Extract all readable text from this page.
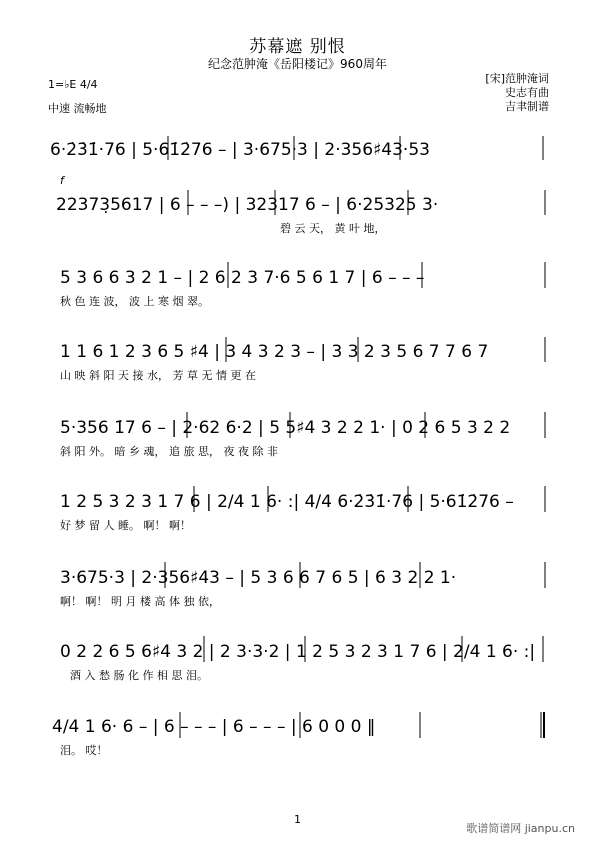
苏幕遮 别恨
纪念范肿淹《岳阳楼记》960周年
1=♭E 4/4
中速 流畅地
[宋]范肿淹词
史志有曲
吉聿制谱
6·2̇3̇1̇·76 | 5·61̇2̇76 – | 3·675·3 | 2·356♯43·53
f
22373̣5617 | 6 – – –) | 32317 6 – | 6·25325 3·
碧 云 天， 黄 叶 地，
5 3 6 6 3 2 1 – | 2 6 2 3 7·6 5 6 1 7 | 6 – – –
秋 色 连 波， 波 上 寒 烟 翠。
1 1 6 1 2 3 6 5 ♯4 | 3 4 3 2 3 – | 3 3 2 3 5 6 7 7 6 7
山 映 斜 阳 天 接 水， 芳 草 无 情 更 在
5·356 1̇7 6 – | 2·62 6·2 | 5 5♯4 3 2 2 1· | 0 2 6 5 3 2 2
斜 阳 外。 暗 乡 魂， 追 旅 思， 夜 夜 除 非
1 2 5 3 2 3 1 7 6 | 2/4 1 6· :| 4/4 6·2̇3̇1̇·76 | 5·61̇2̇76 –
好 梦 留 人 睡。 啊！ 啊！
3·675·3 | 2·356♯43 – | 5 3 6 6 7 6 5 | 6 3 2 2 1·
啊！ 啊！ 明 月 楼 高 体 独 依，
0 2 2 6 5 6♯4 3 2 | 2 3·3·2 | 1 2 5 3 2 3 1 7 6 | 2/4 1 6· :|
酒 入 愁 肠 化 作 相 思 泪。
4/4 1 6· 6 – | 6 – – – | 6 – – – | 6 0 0 0 ‖
泪。 哎！
1
歌谱简谱网 jianpu.cn
